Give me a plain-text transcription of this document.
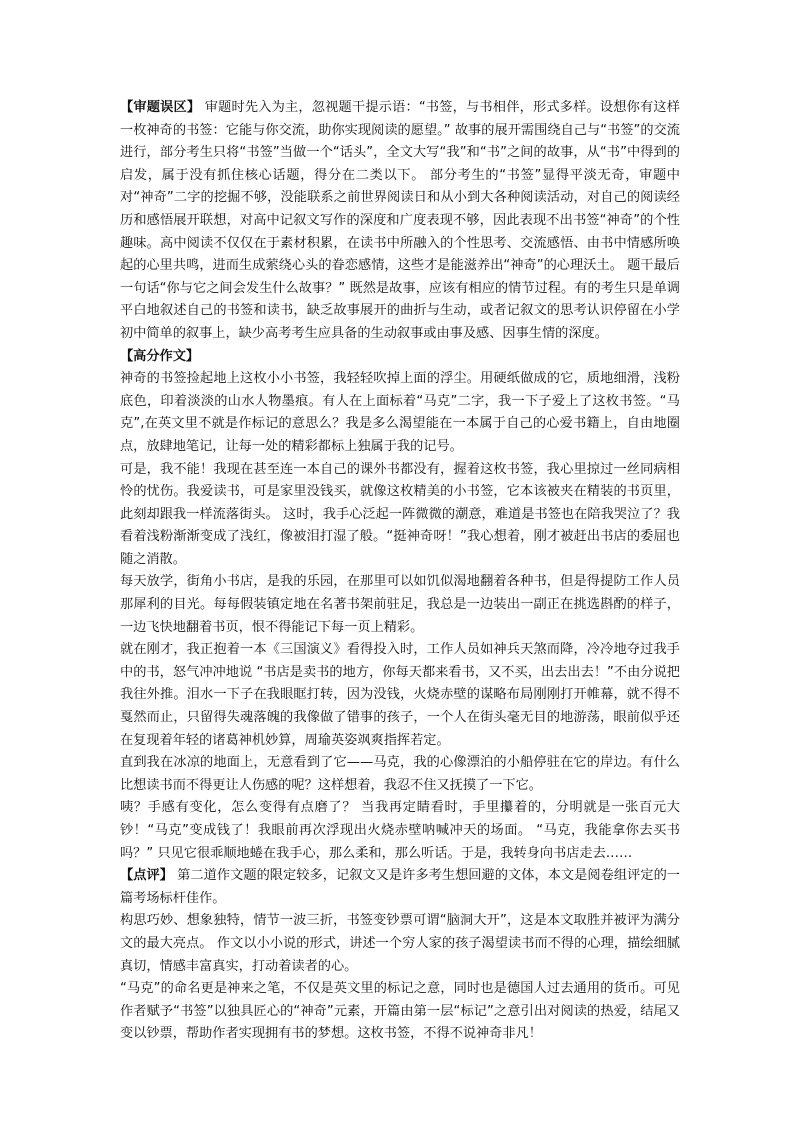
【审题误区】 审题时先入为主，忽视题干提示语：“书签，与书相伴，形式多样。设想你有这样一枚神奇的书签：它能与你交流，助你实现阅读的愿望。” 故事的展开需围绕自己与“书签”的交流进行，部分考生只将“书签”当做一个“话头”，全文大写“我”和“书”之间的故事，从“书”中得到的启发，属于没有抓住核心话题，得分在二类以下。 部分考生的“书签”显得平淡无奇，审题中对“神奇”二字的挖掘不够，没能联系之前世界阅读日和从小到大各种阅读活动，对自己的阅读经历和感悟展开联想，对高中记叙文写作的深度和广度表现不够，因此表现不出书签“神奇”的个性趣味。高中阅读不仅仅在于素材积累，在读书中所融入的个性思考、交流感悟、由书中情感所唤起的心里共鸣，进而生成萦绕心头的眷恋感情，这些才是能滋养出“神奇”的心理沃土。 题干最后一句话“你与它之间会发生什么故事？” 既然是故事，应该有相应的情节过程。有的考生只是单调平白地叙述自己的书签和读书，缺乏故事展开的曲折与生动，或者记叙文的思考认识停留在小学初中简单的叙事上，缺少高考考生应具备的生动叙事或由事及感、因事生情的深度。

【高分作文】

神奇的书签捡起地上这枚小小书签，我轻轻吹掉上面的浮尘。用硬纸做成的它，质地细滑，浅粉底色，印着淡淡的山水人物墨痕。有人在上面标着“马克”二字，我一下子爱上了这枚书签。“马克”,在英文里不就是作标记的意思么？我是多么渴望能在一本属于自己的心爱书籍上，自由地圈点，放肆地笔记，让每一处的精彩都标上独属于我的记号。

可是，我不能！我现在甚至连一本自己的课外书都没有，握着这枚书签，我心里掠过一丝同病相怜的忧伤。我爱读书，可是家里没钱买，就像这枚精美的小书签，它本该被夹在精装的书页里，此刻却跟我一样流落街头。 这时，我手心泛起一阵微微的潮意，难道是书签也在陪我哭泣了？我看着浅粉渐渐变成了浅红，像被泪打湿了般。“挺神奇呀！”我心想着，刚才被赶出书店的委屈也随之消散。

每天放学，街角小书店，是我的乐园，在那里可以如饥似渴地翻着各种书，但是得提防工作人员那犀利的目光。每每假装镇定地在名著书架前驻足，我总是一边装出一副正在挑选斟酌的样子，一边飞快地翻着书页，恨不得能记下每一页上精彩。

就在刚才，我正抱着一本《三国演义》看得投入时，工作人员如神兵天煞而降，冷冷地夺过我手中的书，怒气冲冲地说 “书店是卖书的地方，你每天都来看书，又不买，出去出去！”不由分说把我往外推。泪水一下子在我眼眶打转，因为没钱，火烧赤壁的谋略布局刚刚打开帷幕，就不得不戛然而止，只留得失魂落魄的我像做了错事的孩子，一个人在街头毫无目的地游荡，眼前似乎还在复现着年轻的诸葛神机妙算，周瑜英姿飒爽指挥若定。

直到我在冰凉的地面上，无意看到了它——马克，我的心像漂泊的小船停驻在它的岸边。有什么比想读书而不得更让人伤感的呢？这样想着，我忍不住又抚摸了一下它。

咦？手感有变化，怎么变得有点磨了？ 当我再定睛看时，手里攥着的，分明就是一张百元大钞！“马克”变成钱了！我眼前再次浮现出火烧赤壁呐喊冲天的场面。 “马克，我能拿你去买书吗？” 只见它很乖顺地蜷在我手心，那么柔和，那么听话。于是，我转身向书店走去……

【点评】 第二道作文题的限定较多，记叙文又是许多考生想回避的文体，本文是阅卷组评定的一篇考场标杆佳作。

构思巧妙、想象独特，情节一波三折，书签变钞票可谓“脑洞大开”，这是本文取胜并被评为满分文的最大亮点。 作文以小小说的形式，讲述一个穷人家的孩子渴望读书而不得的心理，描绘细腻真切，情感丰富真实，打动着读者的心。

“马克”的命名更是神来之笔，不仅是英文里的标记之意，同时也是德国人过去通用的货币。可见作者赋予“书签”以独具匠心的“神奇”元素，开篇由第一层“标记”之意引出对阅读的热爱，结尾又变以钞票，帮助作者实现拥有书的梦想。这枚书签，不得不说神奇非凡！
